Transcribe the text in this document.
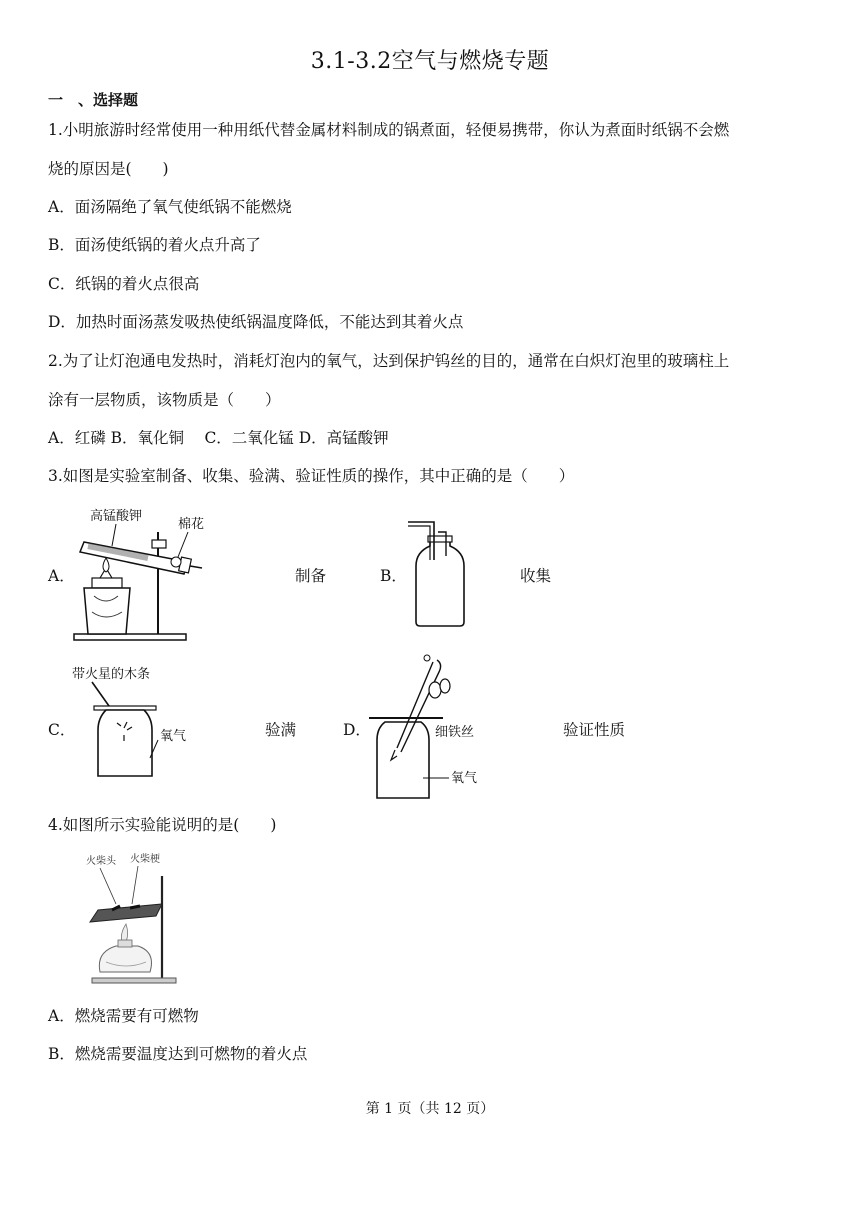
3.1-3.2空气与燃烧专题
一　、选择题
1.小明旅游时经常使用一种用纸代替金属材料制成的锅煮面，轻便易携带，你认为煮面时纸锅不会燃
烧的原因是(　　)
A．面汤隔绝了氧气使纸锅不能燃烧
B．面汤使纸锅的着火点升高了
C．纸锅的着火点很高
D．加热时面汤蒸发吸热使纸锅温度降低，不能达到其着火点
2.为了让灯泡通电发热时，消耗灯泡内的氧气，达到保护钨丝的目的，通常在白炽灯泡里的玻璃柱上
涂有一层物质，该物质是（　　）
A．红磷 B．氧化铜　 C．二氧化锰 D．高锰酸钾
3.如图是实验室制备、收集、验满、验证性质的操作，其中正确的是（　　）
A．
高锰酸钾
棉花
制备	B．	收集
C．
带火星的木条
氧气	验满	D．	细铁丝
氧气
验证性质
4.如图所示实验能说明的是(　　)
火柴头 火柴梗
A．燃烧需要有可燃物
B．燃烧需要温度达到可燃物的着火点
第 1 页（共 12 页）
